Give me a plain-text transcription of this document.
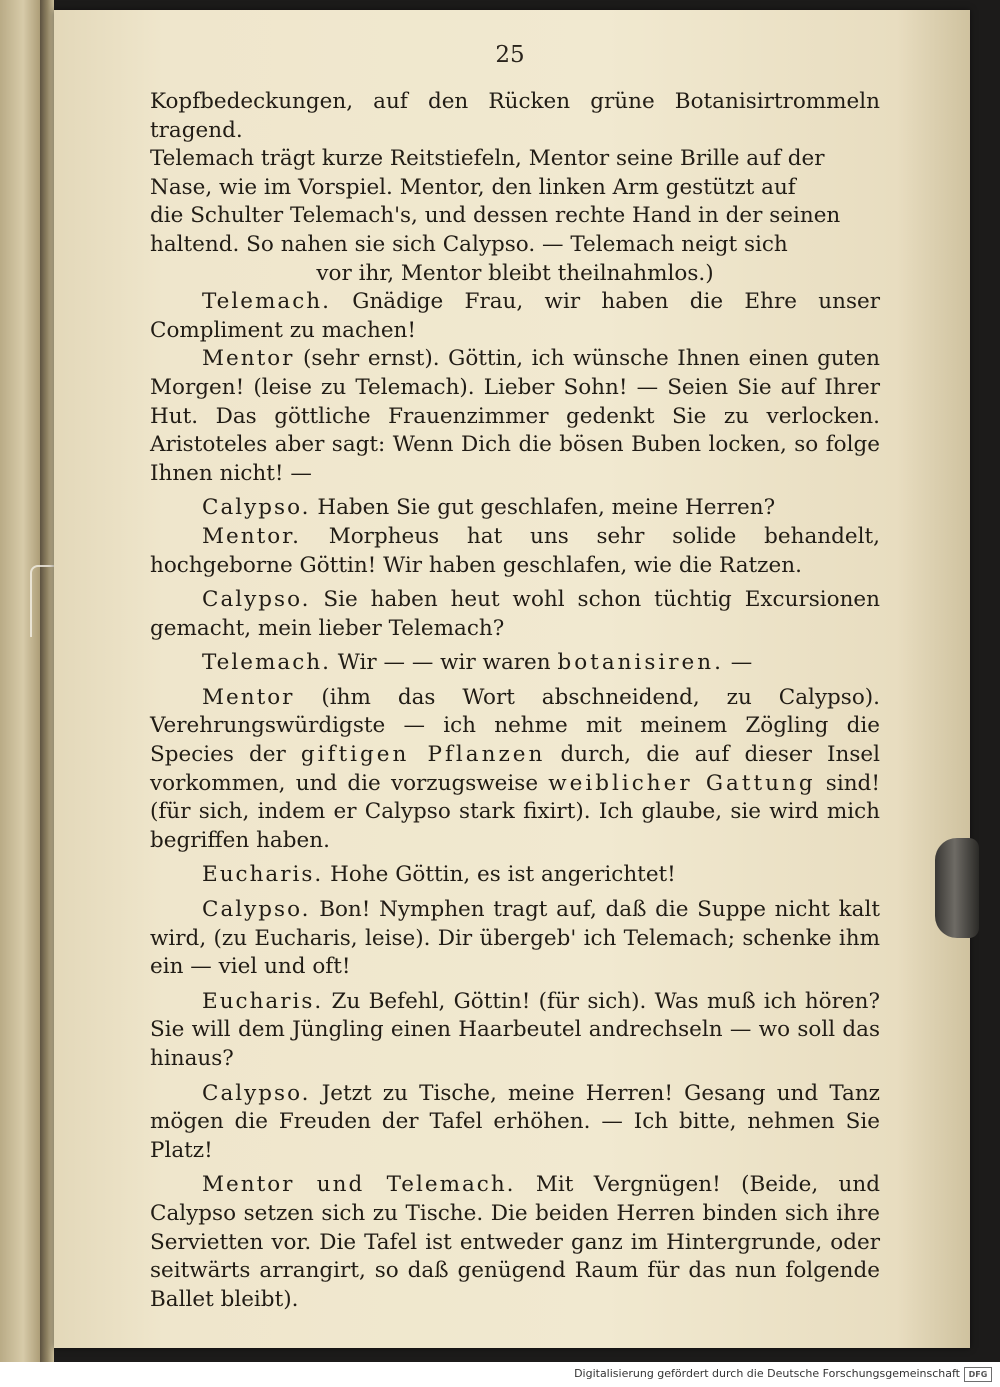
25

Kopfbedeckungen, auf den Rücken grüne Botanisirtrommeln tragend.

Telemach trägt kurze Reitstiefeln, Mentor seine Brille auf der

Nase, wie im Vorspiel. Mentor, den linken Arm gestützt auf

die Schulter Telemach's, und dessen rechte Hand in der seinen

haltend. So nahen sie sich Calypso. — Telemach neigt sich

vor ihr, Mentor bleibt theilnahmlos.)

Telemach. Gnädige Frau, wir haben die Ehre unser Compliment zu machen!

Mentor (sehr ernst). Göttin, ich wünsche Ihnen einen guten Morgen! (leise zu Telemach). Lieber Sohn! — Seien Sie auf Ihrer Hut. Das göttliche Frauenzimmer gedenkt Sie zu verlocken. Aristoteles aber sagt: Wenn Dich die bösen Buben locken, so folge Ihnen nicht! —

Calypso. Haben Sie gut geschlafen, meine Herren?

Mentor. Morpheus hat uns sehr solide behandelt, hochgeborne Göttin! Wir haben geschlafen, wie die Ratzen.

Calypso. Sie haben heut wohl schon tüchtig Excursionen gemacht, mein lieber Telemach?

Telemach. Wir — — wir waren botanisiren. —

Mentor (ihm das Wort abschneidend, zu Calypso). Verehrungswürdigste — ich nehme mit meinem Zögling die Species der giftigen Pflanzen durch, die auf dieser Insel vorkommen, und die vorzugsweise weiblicher Gattung sind! (für sich, indem er Calypso stark fixirt). Ich glaube, sie wird mich begriffen haben.

Eucharis. Hohe Göttin, es ist angerichtet!

Calypso. Bon! Nymphen tragt auf, daß die Suppe nicht kalt wird, (zu Eucharis, leise). Dir übergeb' ich Telemach; schenke ihm ein — viel und oft!

Eucharis. Zu Befehl, Göttin! (für sich). Was muß ich hören? Sie will dem Jüngling einen Haarbeutel andrechseln — wo soll das hinaus?

Calypso. Jetzt zu Tische, meine Herren! Gesang und Tanz mögen die Freuden der Tafel erhöhen. — Ich bitte, nehmen Sie Platz!

Mentor und Telemach. Mit Vergnügen! (Beide, und Calypso setzen sich zu Tische. Die beiden Herren binden sich ihre Servietten vor. Die Tafel ist entweder ganz im Hintergrunde, oder seitwärts arrangirt, so daß genügend Raum für das nun folgende Ballet bleibt).

Digitalisierung gefördert durch die Deutsche Forschungsgemeinschaft	DFG
